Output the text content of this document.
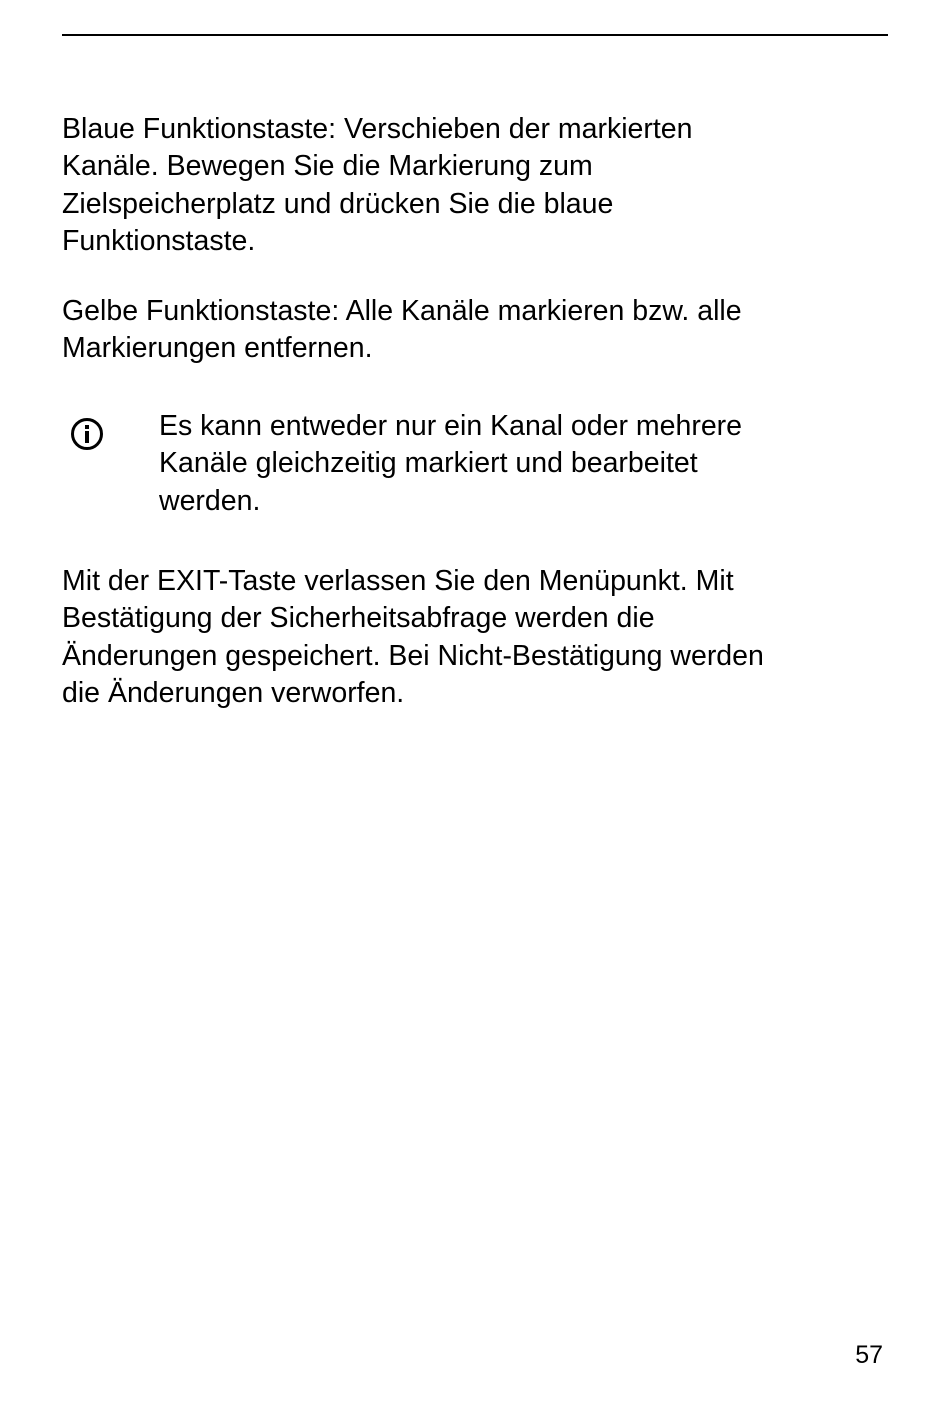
Blaue Funktionstaste: Verschieben der markierten
Kanäle. Bewegen Sie die Markierung zum
Zielspeicherplatz und drücken Sie die blaue
Funktionstaste.

Gelbe Funktionstaste: Alle Kanäle markieren bzw. alle
Markierungen entfernen.

Es kann entweder nur ein Kanal oder mehrere
Kanäle gleichzeitig markiert und bearbeitet
werden.

Mit der EXIT-Taste verlassen Sie den Menüpunkt. Mit
Bestätigung der Sicherheitsabfrage werden die
Änderungen gespeichert. Bei Nicht-Bestätigung werden
die Änderungen verworfen.

57
